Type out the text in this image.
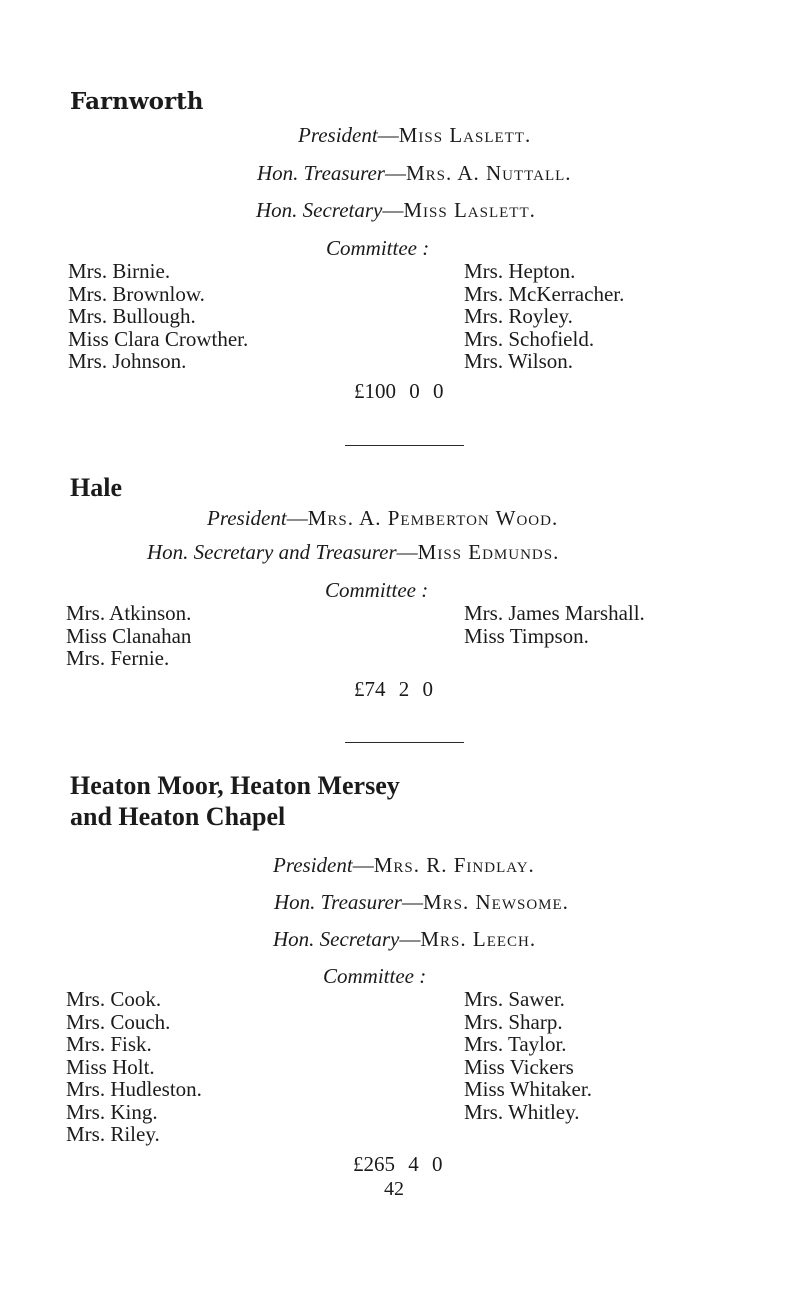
Farnworth
President—Miss Laslett.
Hon. Treasurer—Mrs. A. Nuttall.
Hon. Secretary—Miss Laslett.
Committee :
Mrs. Birnie.
Mrs. Brownlow.
Mrs. Bullough.
Miss Clara Crowther.
Mrs. Johnson.
Mrs. Hepton.
Mrs. McKerracher.
Mrs. Royley.
Mrs. Schofield.
Mrs. Wilson.
£100 0 0
Hale
President—Mrs. A. Pemberton Wood.
Hon. Secretary and Treasurer—Miss Edmunds.
Committee :
Mrs. Atkinson.
Miss Clanahan
Mrs. Fernie.
Mrs. James Marshall.
Miss Timpson.
£74 2 0
Heaton Moor, Heaton Mersey
and Heaton Chapel
President—Mrs. R. Findlay.
Hon. Treasurer—Mrs. Newsome.
Hon. Secretary—Mrs. Leech.
Committee :
Mrs. Cook.
Mrs. Couch.
Mrs. Fisk.
Miss Holt.
Mrs. Hudleston.
Mrs. King.
Mrs. Riley.
Mrs. Sawer.
Mrs. Sharp.
Mrs. Taylor.
Miss Vickers
Miss Whitaker.
Mrs. Whitley.
£265 4 0
42
